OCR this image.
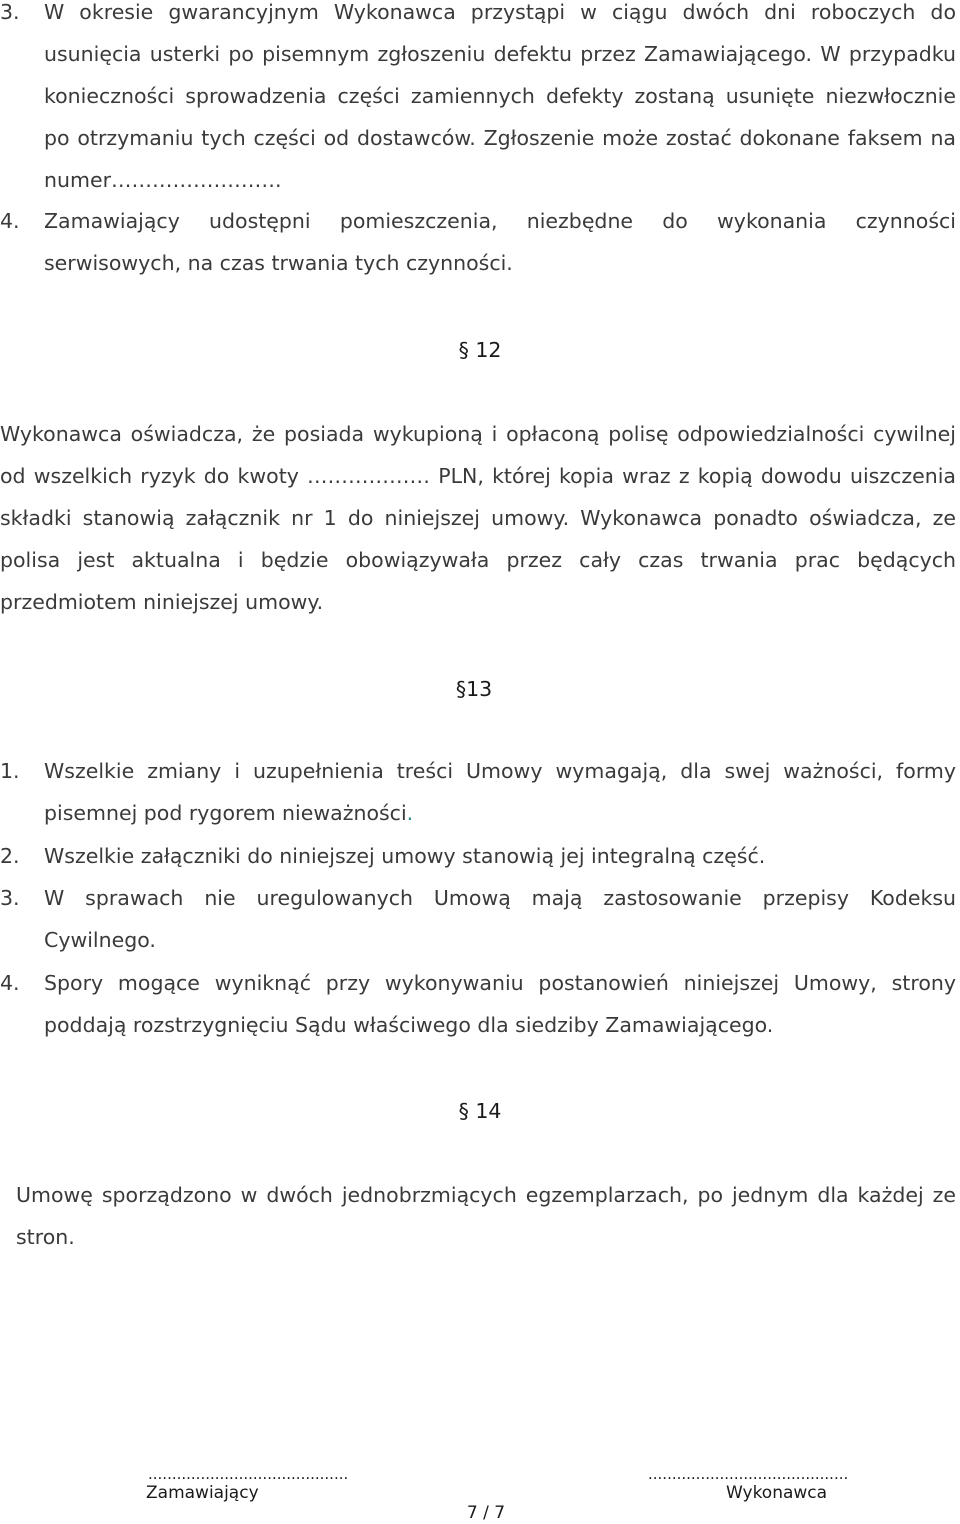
3. W okresie gwarancyjnym Wykonawca przystąpi w ciągu dwóch dni roboczych do usunięcia usterki po pisemnym zgłoszeniu defektu przez Zamawiającego. W przypadku konieczności sprowadzenia części zamiennych defekty zostaną usunięte niezwłocznie po otrzymaniu tych części od dostawców. Zgłoszenie może zostać dokonane faksem na numer…………………….
4. Zamawiający udostępni pomieszczenia, niezbędne do wykonania czynności serwisowych, na czas trwania tych czynności.
§ 12
Wykonawca oświadcza, że posiada wykupioną i opłaconą polisę odpowiedzialności cywilnej od wszelkich ryzyk do kwoty ……………… PLN, której kopia wraz z kopią dowodu uiszczenia składki stanowią załącznik nr 1 do niniejszej umowy. Wykonawca ponadto oświadcza, ze polisa jest aktualna i będzie obowiązywała przez cały czas trwania prac będących przedmiotem niniejszej umowy.
§13
1. Wszelkie zmiany i uzupełnienia treści Umowy wymagają, dla swej ważności, formy pisemnej pod rygorem nieważności.
2. Wszelkie załączniki do niniejszej umowy stanowią jej integralną część.
3. W sprawach nie uregulowanych Umową mają zastosowanie przepisy Kodeksu Cywilnego.
4. Spory mogące wyniknąć przy wykonywaniu postanowień niniejszej Umowy, strony poddają rozstrzygnięciu Sądu właściwego dla siedziby Zamawiającego.
§ 14
Umowę sporządzono w dwóch jednobrzmiących egzemplarzach, po jednym dla każdej ze stron.
..........................................
Zamawiający
..........................................
Wykonawca
7 / 7
